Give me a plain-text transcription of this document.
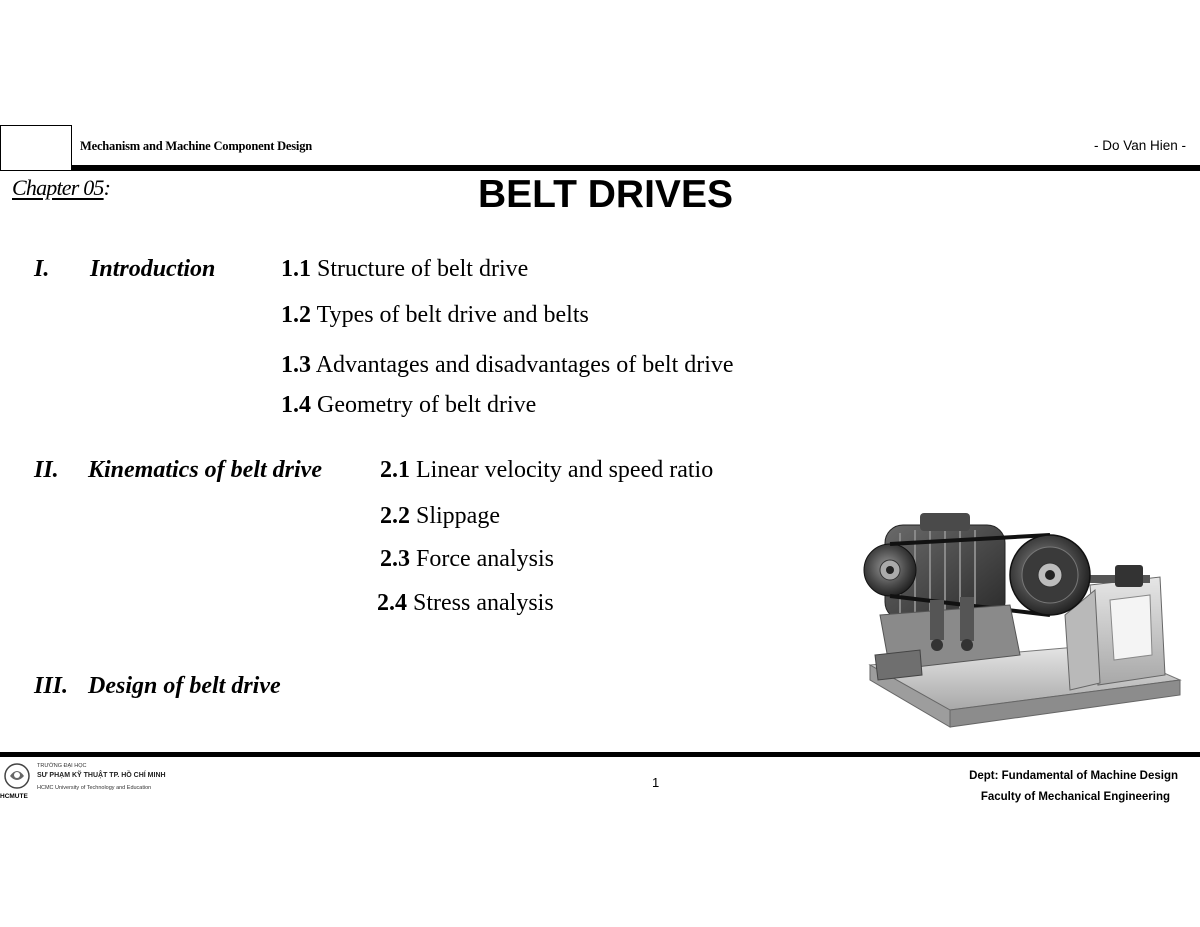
Mechanism and Machine Component Design	- Do Van Hien -
Chapter 05:	BELT DRIVES
I. Introduction	1.1 Structure of belt drive
1.2 Types of belt drive and belts
1.3 Advantages and disadvantages of belt drive
1.4 Geometry of belt drive
II. Kinematics of belt drive 2.1 Linear velocity and speed ratio
2.2 Slippage
2.3 Force analysis
2.4 Stress analysis
III. Design of belt drive
TRƯỜNG ĐẠI HỌC
SƯ PHẠM KỸ THUẬT TP. HỒ CHÍ MINH
HCMC University of Technology and Education
HCMUTE
1	Dept: Fundamental of Machine Design
Faculty of Mechanical Engineering
